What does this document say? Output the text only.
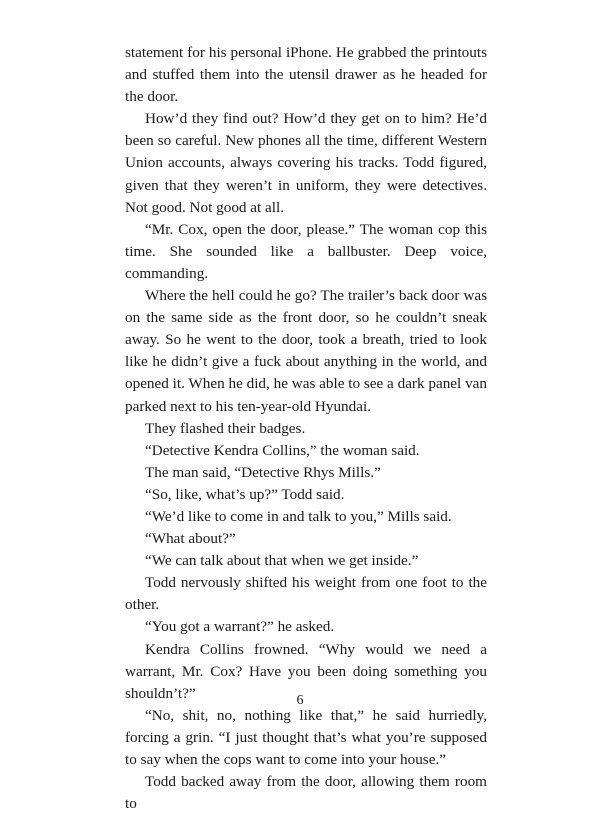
statement for his personal iPhone. He grabbed the printouts and stuffed them into the utensil drawer as he headed for the door.

How’d they find out? How’d they get on to him? He’d been so careful. New phones all the time, different Western Union accounts, always covering his tracks. Todd figured, given that they weren’t in uniform, they were detectives. Not good. Not good at all.

“Mr. Cox, open the door, please.” The woman cop this time. She sounded like a ballbuster. Deep voice, commanding.

Where the hell could he go? The trailer’s back door was on the same side as the front door, so he couldn’t sneak away. So he went to the door, took a breath, tried to look like he didn’t give a fuck about anything in the world, and opened it. When he did, he was able to see a dark panel van parked next to his ten-year-old Hyundai.

They flashed their badges.

“Detective Kendra Collins,” the woman said.

The man said, “Detective Rhys Mills.”

“So, like, what’s up?” Todd said.

“We’d like to come in and talk to you,” Mills said.

“What about?”

“We can talk about that when we get inside.”

Todd nervously shifted his weight from one foot to the other.

“You got a warrant?” he asked.

Kendra Collins frowned. “Why would we need a warrant, Mr. Cox? Have you been doing something you shouldn’t?”

“No, shit, no, nothing like that,” he said hurriedly, forcing a grin. “I just thought that’s what you’re supposed to say when the cops want to come into your house.”

Todd backed away from the door, allowing them room to

6
